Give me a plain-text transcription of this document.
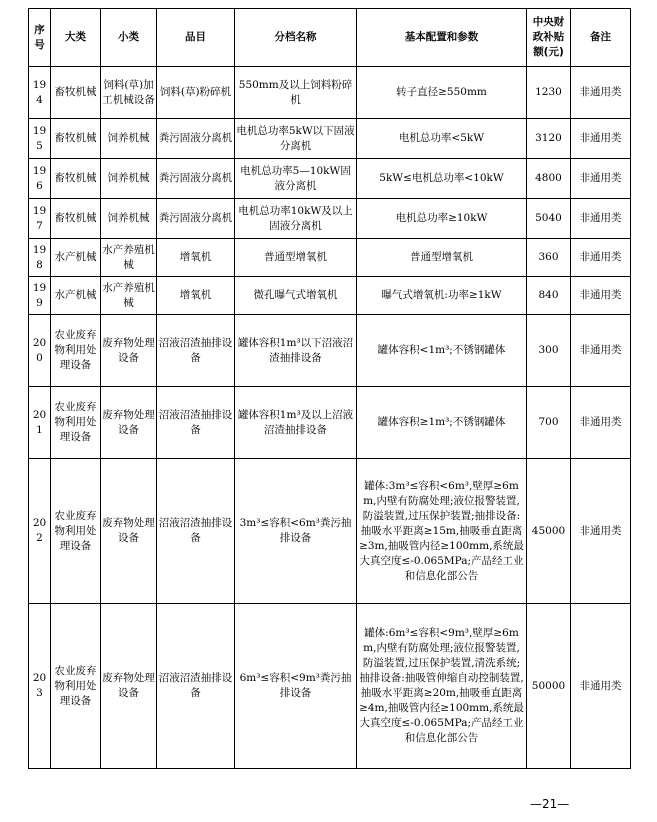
序号	大类	小类	品目	分档名称	基本配置和参数	中央财政补贴额(元)	备注
194	畜牧机械	饲料(草)加工机械设备	饲料(草)粉碎机	550mm及以上饲料粉碎机	转子直径≥550mm	1230	非通用类
195	畜牧机械	饲养机械	粪污固液分离机	电机总功率5kW以下固液分离机	电机总功率<5kW	3120	非通用类
196	畜牧机械	饲养机械	粪污固液分离机	电机总功率5—10kW固液分离机	5kW≤电机总功率<10kW	4800	非通用类
197	畜牧机械	饲养机械	粪污固液分离机	电机总功率10kW及以上固液分离机	电机总功率≥10kW	5040	非通用类
198	水产机械	水产养殖机械	增氧机	普通型增氧机	普通型增氧机	360	非通用类
199	水产机械	水产养殖机械	增氧机	微孔曝气式增氧机	曝气式增氧机:功率≥1kW	840	非通用类
200	农业废弃物利用处理设备	废弃物处理设备	沼液沼渣抽排设备	罐体容积1m³以下沼液沼渣抽排设备	罐体容积<1m³;不锈钢罐体	300	非通用类
201	农业废弃物利用处理设备	废弃物处理设备	沼液沼渣抽排设备	罐体容积1m³及以上沼液沼渣抽排设备	罐体容积≥1m³;不锈钢罐体	700	非通用类
202	农业废弃物利用处理设备	废弃物处理设备	沼液沼渣抽排设备	3m³≤容积<6m³粪污抽排设备	罐体:3m³≤容积<6m³,壁厚≥6mm,内壁有防腐处理;液位报警装置,防溢装置,过压保护装置;抽排设备:抽吸水平距离≥15m,抽吸垂直距离≥3m,抽吸管内径≥100mm,系统最大真空度≤-0.065MPa;产品经工业和信息化部公告	45000	非通用类
203	农业废弃物利用处理设备	废弃物处理设备	沼液沼渣抽排设备	6m³≤容积<9m³粪污抽排设备	罐体:6m³≤容积<9m³,壁厚≥6mm,内壁有防腐处理;液位报警装置,防溢装置,过压保护装置,清洗系统;抽排设备:抽吸管伸缩自动控制装置,抽吸水平距离≥20m,抽吸垂直距离≥4m,抽吸管内径≥100mm,系统最大真空度≤-0.065MPa;产品经工业和信息化部公告	50000	非通用类
—21—
